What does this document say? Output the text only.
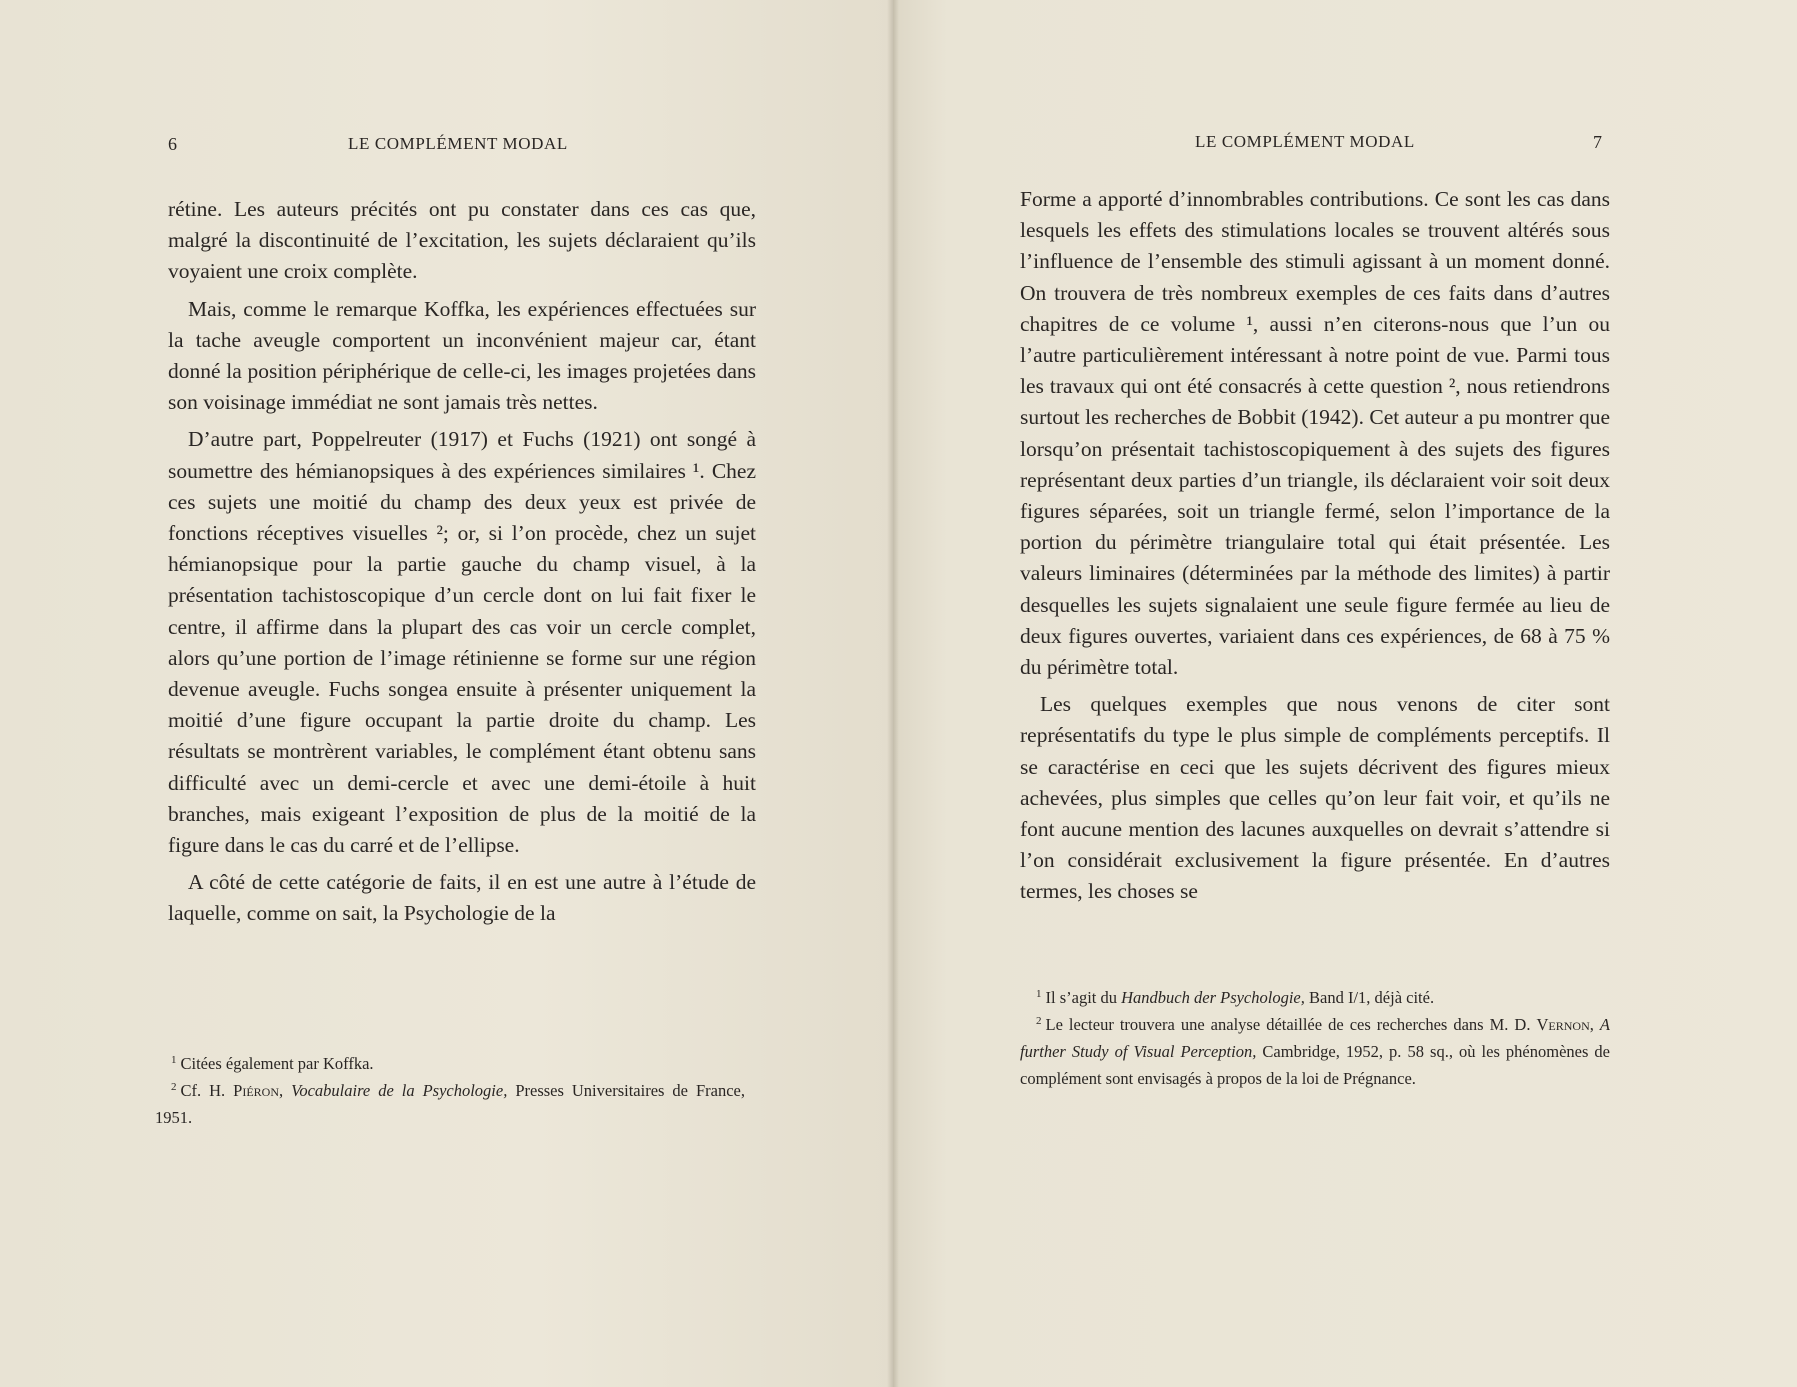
6	LE COMPLÉMENT MODAL

rétine. Les auteurs précités ont pu constater dans ces cas que, malgré la discontinuité de l’excitation, les sujets déclaraient qu’ils voyaient une croix complète.

Mais, comme le remarque Koffka, les expériences effectuées sur la tache aveugle comportent un inconvénient majeur car, étant donné la position périphérique de celle-ci, les images projetées dans son voisinage immédiat ne sont jamais très nettes.

D’autre part, Poppelreuter (1917) et Fuchs (1921) ont songé à soumettre des hémianopsiques à des expériences similaires ¹. Chez ces sujets une moitié du champ des deux yeux est privée de fonctions réceptives visuelles ²; or, si l’on procède, chez un sujet hémianopsique pour la partie gauche du champ visuel, à la présentation tachistoscopique d’un cercle dont on lui fait fixer le centre, il affirme dans la plupart des cas voir un cercle complet, alors qu’une portion de l’image rétinienne se forme sur une région devenue aveugle. Fuchs songea ensuite à présenter uniquement la moitié d’une figure occupant la partie droite du champ. Les résultats se montrèrent variables, le complément étant obtenu sans difficulté avec un demi-cercle et avec une demi-étoile à huit branches, mais exigeant l’exposition de plus de la moitié de la figure dans le cas du carré et de l’ellipse.

A côté de cette catégorie de faits, il en est une autre à l’étude de laquelle, comme on sait, la Psychologie de la

$^1$ Citées également par Koffka.

$^2$ Cf. H. Piéron, Vocabulaire de la Psychologie, Presses Universitaires de France, 1951.

LE COMPLÉMENT MODAL	7

Forme a apporté d’innombrables contributions. Ce sont les cas dans lesquels les effets des stimulations locales se trouvent altérés sous l’influence de l’ensemble des stimuli agissant à un moment donné. On trouvera de très nombreux exemples de ces faits dans d’autres chapitres de ce volume ¹, aussi n’en citerons-nous que l’un ou l’autre particulièrement intéressant à notre point de vue. Parmi tous les travaux qui ont été consacrés à cette question ², nous retiendrons surtout les recherches de Bobbit (1942). Cet auteur a pu montrer que lorsqu’on présentait tachistoscopiquement à des sujets des figures représentant deux parties d’un triangle, ils déclaraient voir soit deux figures séparées, soit un triangle fermé, selon l’importance de la portion du périmètre triangulaire total qui était présentée. Les valeurs liminaires (déterminées par la méthode des limites) à partir desquelles les sujets signalaient une seule figure fermée au lieu de deux figures ouvertes, variaient dans ces expériences, de 68 à 75 % du périmètre total.

Les quelques exemples que nous venons de citer sont représentatifs du type le plus simple de compléments perceptifs. Il se caractérise en ceci que les sujets décrivent des figures mieux achevées, plus simples que celles qu’on leur fait voir, et qu’ils ne font aucune mention des lacunes auxquelles on devrait s’attendre si l’on considérait exclusivement la figure présentée. En d’autres termes, les choses se

$^1$ Il s’agit du Handbuch der Psychologie, Band I/1, déjà cité.

$^2$ Le lecteur trouvera une analyse détaillée de ces recherches dans M. D. Vernon, A further Study of Visual Perception, Cambridge, 1952, p. 58 sq., où les phénomènes de complément sont envisagés à propos de la loi de Prégnance.
